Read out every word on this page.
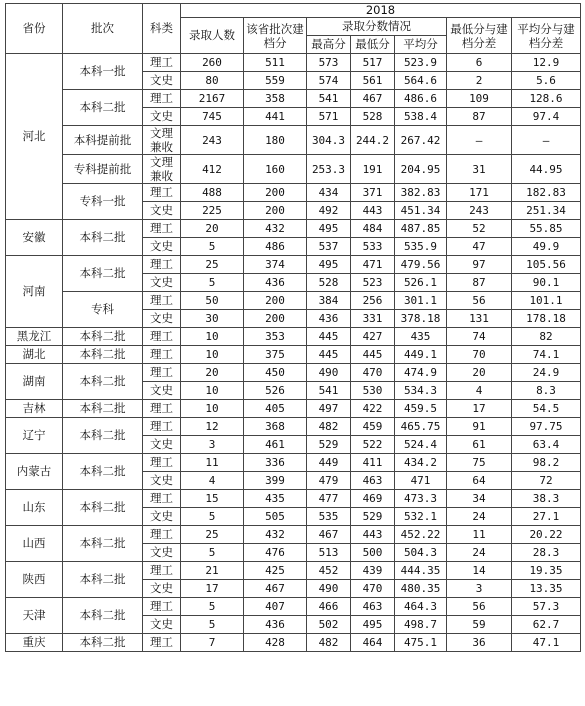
省份	批次	科类	2018						
			录取人数	该省批次建档分	录取分数情况			最低分与建档分差	平均分与建档分差
					最高分	最低分	平均分		
河北	本科一批	理工	260	511	573	517	523.9	6	12.9
		文史	80	559	574	561	564.6	2	5.6
	本科二批	理工	2167	358	541	467	486.6	109	128.6
		文史	745	441	571	528	538.4	87	97.4
	本科提前批	文理兼收	243	180	304.3	244.2	267.42	–	–
	专科提前批	文理兼收	412	160	253.3	191	204.95	31	44.95
	专科一批	理工	488	200	434	371	382.83	171	182.83
		文史	225	200	492	443	451.34	243	251.34
安徽	本科二批	理工	20	432	495	484	487.85	52	55.85
		文史	5	486	537	533	535.9	47	49.9
河南	本科二批	理工	25	374	495	471	479.56	97	105.56
		文史	5	436	528	523	526.1	87	90.1
	专科	理工	50	200	384	256	301.1	56	101.1
		文史	30	200	436	331	378.18	131	178.18
黑龙江	本科二批	理工	10	353	445	427	435	74	82
湖北	本科二批	理工	10	375	445	445	449.1	70	74.1
湖南	本科二批	理工	20	450	490	470	474.9	20	24.9
		文史	10	526	541	530	534.3	4	8.3
吉林	本科二批	理工	10	405	497	422	459.5	17	54.5
辽宁	本科二批	理工	12	368	482	459	465.75	91	97.75
		文史	3	461	529	522	524.4	61	63.4
内蒙古	本科二批	理工	11	336	449	411	434.2	75	98.2
		文史	4	399	479	463	471	64	72
山东	本科二批	理工	15	435	477	469	473.3	34	38.3
		文史	5	505	535	529	532.1	24	27.1
山西	本科二批	理工	25	432	467	443	452.22	11	20.22
		文史	5	476	513	500	504.3	24	28.3
陕西	本科二批	理工	21	425	452	439	444.35	14	19.35
		文史	17	467	490	470	480.35	3	13.35
天津	本科二批	理工	5	407	466	463	464.3	56	57.3
		文史	5	436	502	495	498.7	59	62.7
重庆	本科二批	理工	7	428	482	464	475.1	36	47.1
